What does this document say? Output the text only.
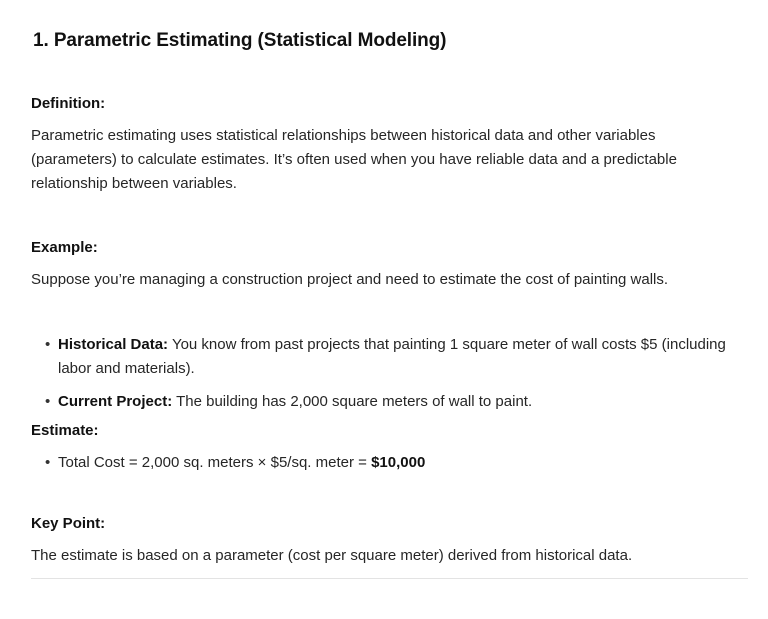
1. Parametric Estimating (Statistical Modeling)

Definition:

Parametric estimating uses statistical relationships between historical data and other variables (parameters) to calculate estimates. It’s often used when you have reliable data and a predictable relationship between variables.

Example:

Suppose you’re managing a construction project and need to estimate the cost of painting walls.

• Historical Data: You know from past projects that painting 1 square meter of wall costs $5 (including labor and materials).
• Current Project: The building has 2,000 square meters of wall to paint.

Estimate:

• Total Cost = 2,000 sq. meters × $5/sq. meter = $10,000

Key Point:

The estimate is based on a parameter (cost per square meter) derived from historical data.
